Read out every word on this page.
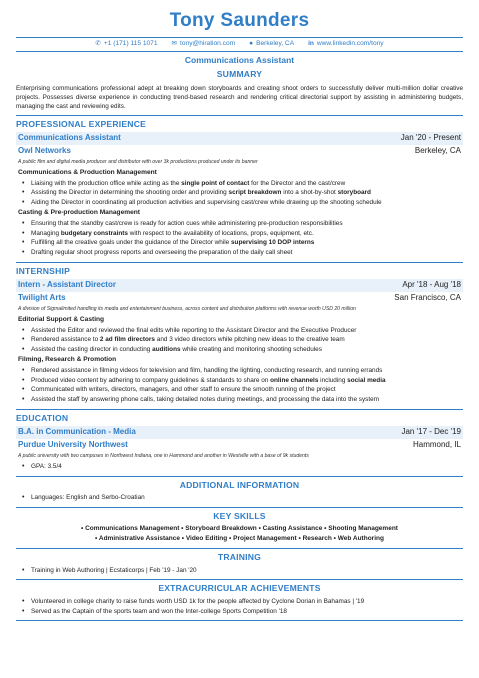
Tony Saunders
✆ +1 (171) 115 1071 ✉ tony@hiration.com ● Berkeley, CA in www.linkedin.com/tony
Communications Assistant
SUMMARY
Enterprising communications professional adept at breaking down storyboards and creating shoot orders to successfully deliver multi-million dollar creative projects. Possesses diverse experience in conducting trend-based research and rendering critical directorial support by assisting in administering budgets, managing the cast and reviewing edits.
PROFESSIONAL EXPERIENCE
Communications Assistant	Jan '20 - Present
Owl Networks	Berkeley, CA
A public film and digital media producer and distributor with over 3k productions produced under its banner
Communications & Production Management
• Liaising with the production office while acting as the single point of contact for the Director and the cast/crew
• Assisting the Director in determining the shooting order and providing script breakdown into a shot-by-shot storyboard
• Aiding the Director in coordinating all production activities and supervising cast/crew while drawing up the shooting schedule
Casting & Pre-production Management
• Ensuring that the standby cast/crew is ready for action cues while administering pre-production responsibilities
• Managing budgetary constraints with respect to the availability of locations, props, equipment, etc.
• Fulfilling all the creative goals under the guidance of the Director while supervising 10 DOP interns
• Drafting regular shoot progress reports and overseeing the preparation of the daily call sheet
INTERNSHIP
Intern - Assistant Director	Apr '18 - Aug '18
Twilight Arts	San Francisco, CA
A division of Sigmalimited handling its media and entertainment business, across content and distribution platforms with revenue worth USD 20 million
Editorial Support & Casting
• Assisted the Editor and reviewed the final edits while reporting to the Assistant Director and the Executive Producer
• Rendered assistance to 2 ad film directors and 3 video directors while pitching new ideas to the creative team
• Assisted the casting director in conducting auditions while creating and monitoring shooting schedules
Filming, Research & Promotion
• Rendered assistance in filming videos for television and film, handling the lighting, conducting research, and running errands
• Produced video content by adhering to company guidelines & standards to share on online channels including social media
• Communicated with writers, directors, managers, and other staff to ensure the smooth running of the project
• Assisted the staff by answering phone calls, taking detailed notes during meetings, and processing the data into the system
EDUCATION
B.A. in Communication - Media	Jan '17 - Dec '19
Purdue University Northwest	Hammond, IL
A public university with two campuses in Northwest Indiana, one in Hammond and another in Westville with a base of 9k students
• GPA: 3.5/4
ADDITIONAL INFORMATION
• Languages: English and Serbo-Croatian
KEY SKILLS
• Communications Management • Storyboard Breakdown • Casting Assistance • Shooting Management
• Administrative Assistance • Video Editing • Project Management • Research • Web Authoring
TRAINING
• Training in Web Authoring | Ecstaticorps | Feb '19 - Jan '20
EXTRACURRICULAR ACHIEVEMENTS
• Volunteered in college charity to raise funds worth USD 1k for the people affected by Cyclone Dorian in Bahamas | '19
• Served as the Captain of the sports team and won the Inter-college Sports Competition '18
